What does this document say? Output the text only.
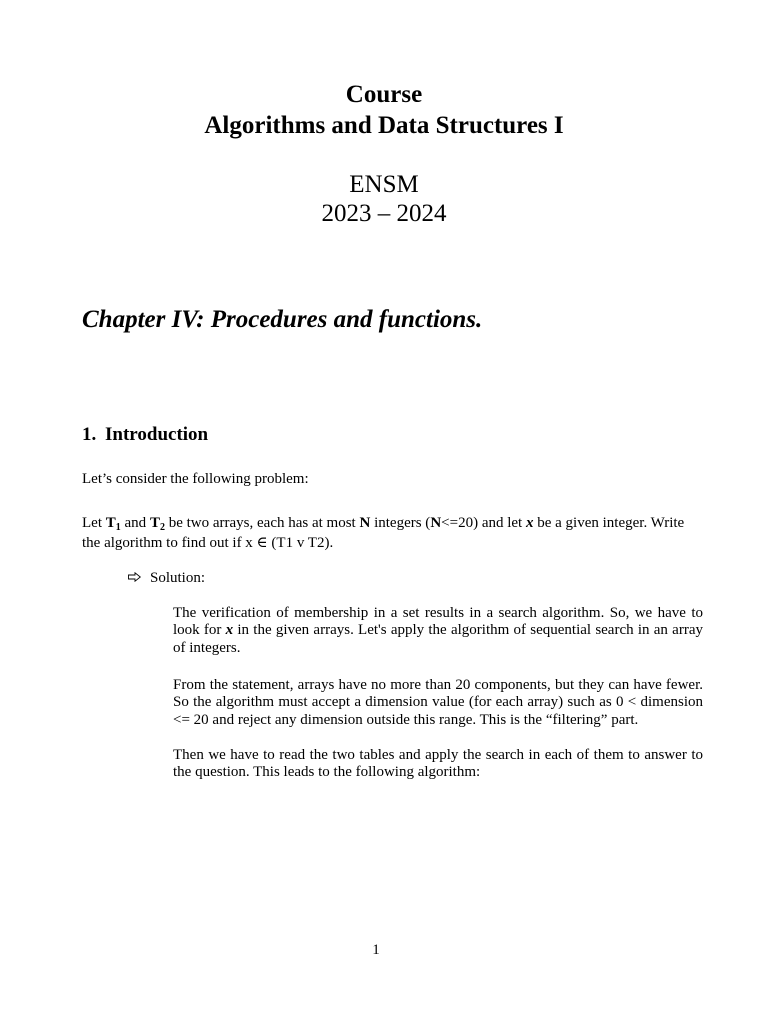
Course
Algorithms and Data Structures I
ENSM
2023 – 2024
Chapter IV: Procedures and functions.
1. Introduction
Let’s consider the following problem:
Let $T_1$ and $T_2$ be two arrays, each has at most N integers (N<=20) and let x be a given integer. Write
the algorithm to find out if x ∈ (T1 v T2).
Solution:
The verification of membership in a set results in a search algorithm. So, we have to
look for x in the given arrays. Let's apply the algorithm of sequential search in an array
of integers.
From the statement, arrays have no more than 20 components, but they can have fewer.
So the algorithm must accept a dimension value (for each array) such as 0 < dimension
<= 20 and reject any dimension outside this range. This is the “filtering” part.
Then we have to read the two tables and apply the search in each of them to answer to
the question. This leads to the following algorithm:
1
